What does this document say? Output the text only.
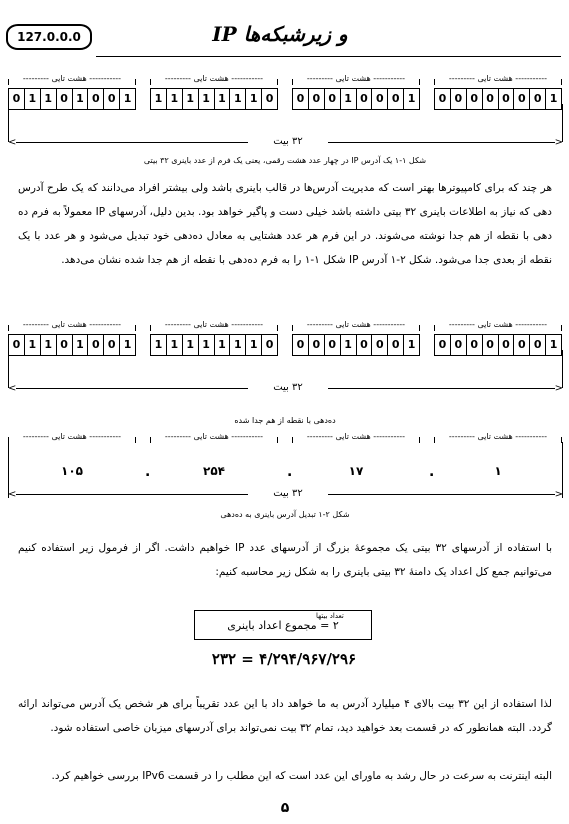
127.0.0.0	IP و زیرشبکه‌ها
----------- هشت تایی ---------
0 1 1 0 1 0 0 1
----------- هشت تایی ---------
1 1 1 1 1 1 1 0
----------- هشت تایی ---------
0 0 0 1 0 0 0 1
----------- هشت تایی ---------
0 0 0 0 0 0 0 1
<	>
۳۲ بیت
شکل ۱-۱ یک آدرس IP در چهار عدد هشت رقمی، یعنی یک فرم از عدد باینری ۳۲ بیتی
هر چند که برای کامپیوترها بهتر است که مدیریت آدرس‌ها در قالب باینری باشد ولی بیشتر افراد می‌دانند که یک طرح آدرس دهی که نیاز به اطلاعات باینری ۳۲ بیتی داشته باشد خیلی دست و پاگیر خواهد بود. بدین دلیل، آدرسهای IP معمولاً به فرم ده دهی با نقطه از هم جدا نوشته می‌شوند. در این فرم هر عدد هشتایی به معادل ده‌دهی خود تبدیل می‌شود و هر عدد با یک نقطه از بعدی جدا می‌شود. شکل ۲-۱ آدرس IP شکل ۱-۱ را به فرم ده‌دهی با نقطه از هم جدا شده نشان می‌دهد.
----------- هشت تایی ---------
0 1 1 0 1 0 0 1
----------- هشت تایی ---------
1 1 1 1 1 1 1 0
----------- هشت تایی ---------
0 0 0 1 0 0 0 1
----------- هشت تایی ---------
0 0 0 0 0 0 0 1
<	>
۳۲ بیت
ده‌دهی با نقطه از هم جدا شده
----------- هشت تایی ---------
۱۰۵
----------- هشت تایی ---------
۲۵۴
----------- هشت تایی ---------
۱۷
----------- هشت تایی ---------
۱
.	.	.
<	>
۳۲ بیت
شکل ۲-۱ تبدیل آدرس باینری به ده‌دهی
با استفاده از آدرسهای ۳۲ بیتی یک مجموعهٔ بزرگ از آدرسهای عدد IP خواهیم داشت. اگر از فرمول زیر استفاده کنیم می‌توانیم جمع کل اعداد یک دامنهٔ ۳۲ بیتی باینری را به شکل زیر محاسبه کنیم:
۲ = مجموع اعداد باینری
تعداد بیتها
۲۳۲ = ۴/۲۹۴/۹۶۷/۲۹۶
لذا استفاده از این ۳۲ بیت بالای ۴ میلیارد آدرس به ما خواهد داد با این عدد تقریباً برای هر شخص یک آدرس می‌تواند ارائه گردد. البته همانطور که در قسمت بعد خواهید دید، تمام ۳۲ بیت نمی‌تواند برای آدرسهای میزبان خاصی استفاده شود.
البته اینترنت به سرعت در حال رشد به ماورای این عدد است که این مطلب را در قسمت IPv6 بررسی خواهیم کرد.
۵
